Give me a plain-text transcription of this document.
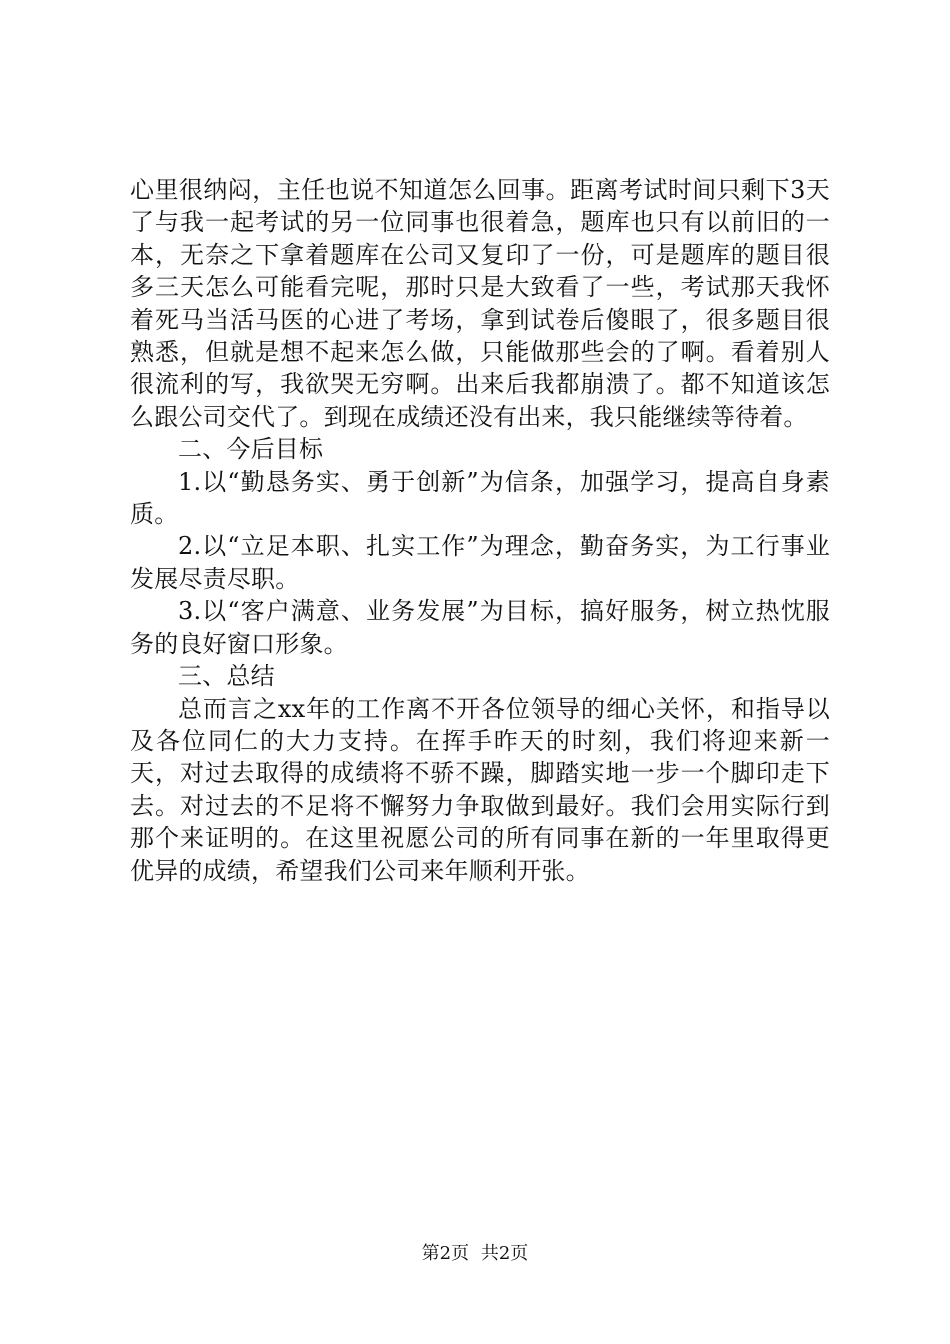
心里很纳闷，主任也说不知道怎么回事。距离考试时间只剩下3天了与我一起考试的另一位同事也很着急，题库也只有以前旧的一本，无奈之下拿着题库在公司又复印了一份，可是题库的题目很多三天怎么可能看完呢，那时只是大致看了一些，考试那天我怀着死马当活马医的心进了考场，拿到试卷后傻眼了，很多题目很熟悉，但就是想不起来怎么做，只能做那些会的了啊。看着别人很流利的写，我欲哭无穷啊。出来后我都崩溃了。都不知道该怎么跟公司交代了。到现在成绩还没有出来，我只能继续等待着。

二、今后目标

1.以“勤恳务实、勇于创新”为信条，加强学习，提高自身素质。

2.以“立足本职、扎实工作”为理念，勤奋务实，为工行事业发展尽责尽职。

3.以“客户满意、业务发展”为目标，搞好服务，树立热忱服务的良好窗口形象。

三、总结

总而言之xx年的工作离不开各位领导的细心关怀，和指导以及各位同仁的大力支持。在挥手昨天的时刻，我们将迎来新一天，对过去取得的成绩将不骄不躁，脚踏实地一步一个脚印走下去。对过去的不足将不懈努力争取做到最好。我们会用实际行到那个来证明的。在这里祝愿公司的所有同事在新的一年里取得更优异的成绩，希望我们公司来年顺利开张。

第2页 共2页
